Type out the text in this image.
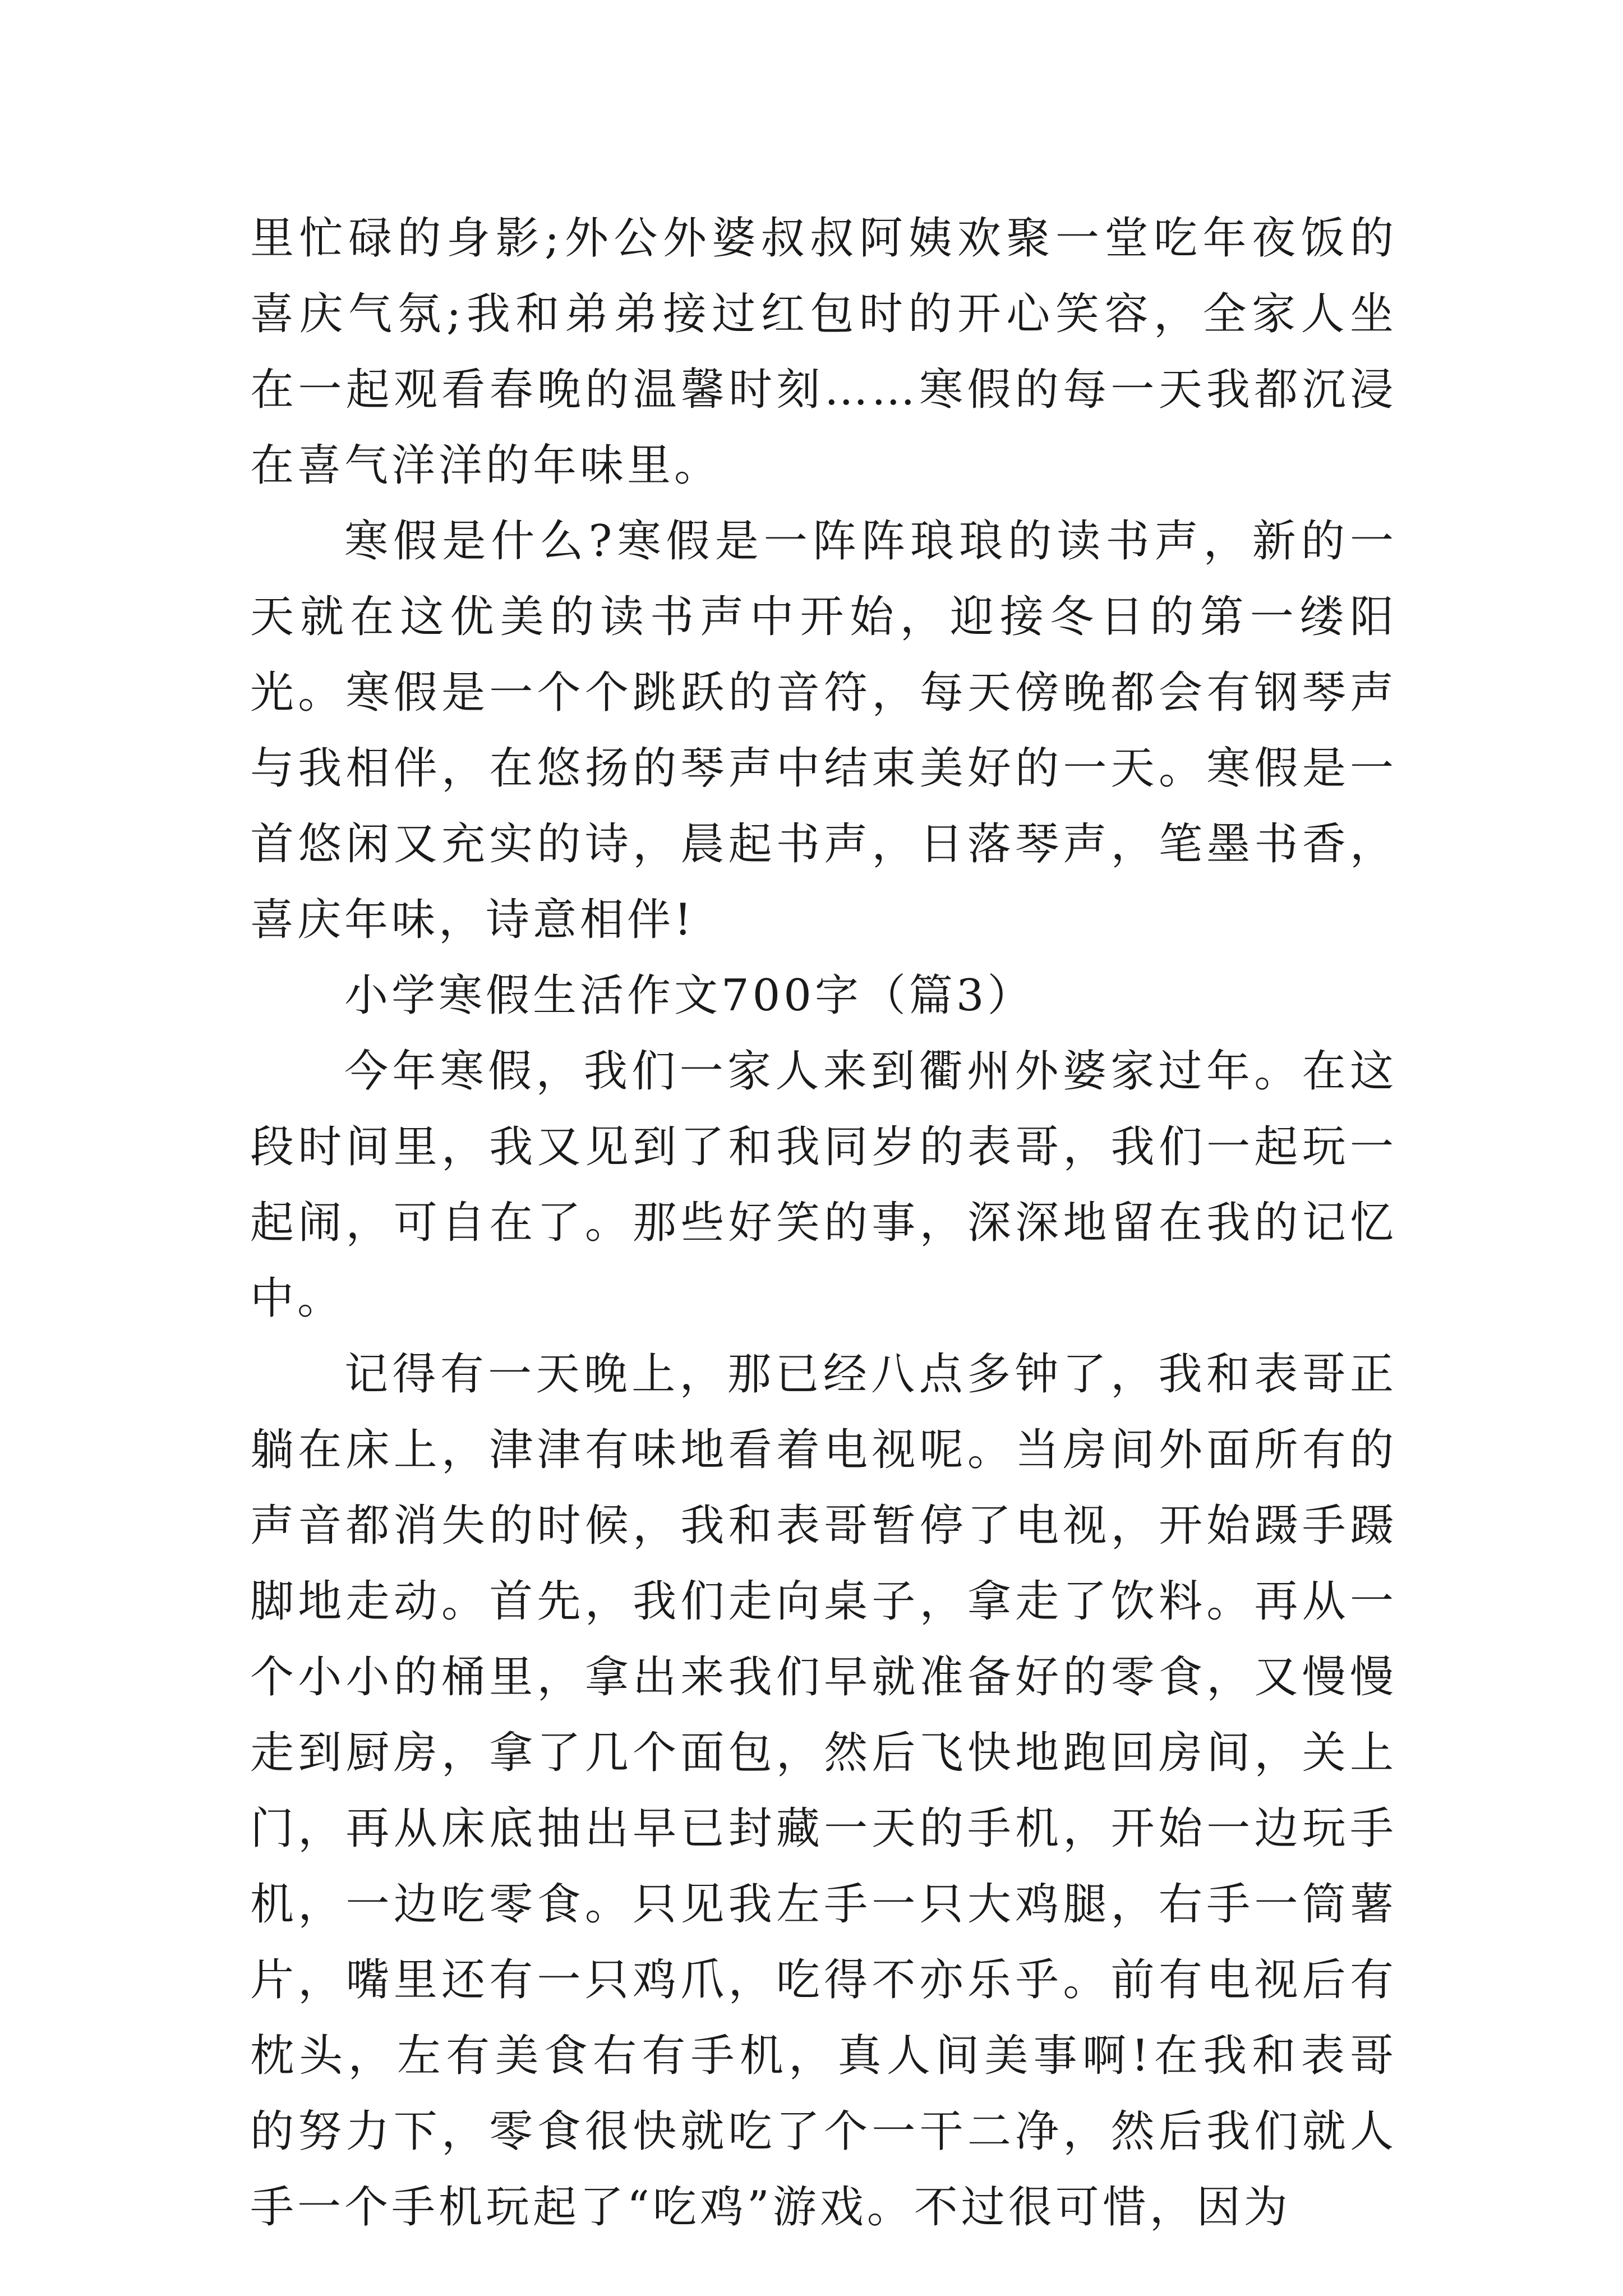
里忙碌的身影;外公外婆叔叔阿姨欢聚一堂吃年夜饭的喜庆气氛;我和弟弟接过红包时的开心笑容，全家人坐在一起观看春晚的温馨时刻……寒假的每一天我都沉浸在喜气洋洋的年味里。

寒假是什么?寒假是一阵阵琅琅的读书声，新的一天就在这优美的读书声中开始，迎接冬日的第一缕阳光。寒假是一个个跳跃的音符，每天傍晚都会有钢琴声与我相伴，在悠扬的琴声中结束美好的一天。寒假是一首悠闲又充实的诗，晨起书声，日落琴声，笔墨书香，喜庆年味，诗意相伴!

小学寒假生活作文700字（篇3）

今年寒假，我们一家人来到衢州外婆家过年。在这段时间里，我又见到了和我同岁的表哥，我们一起玩一起闹，可自在了。那些好笑的事，深深地留在我的记忆中。

记得有一天晚上，那已经八点多钟了，我和表哥正躺在床上，津津有味地看着电视呢。当房间外面所有的声音都消失的时候，我和表哥暂停了电视，开始蹑手蹑脚地走动。首先，我们走向桌子，拿走了饮料。再从一个小小的桶里，拿出来我们早就准备好的零食，又慢慢走到厨房，拿了几个面包，然后飞快地跑回房间，关上门，再从床底抽出早已封藏一天的手机，开始一边玩手机，一边吃零食。只见我左手一只大鸡腿，右手一筒薯片，嘴里还有一只鸡爪，吃得不亦乐乎。前有电视后有枕头，左有美食右有手机，真人间美事啊!在我和表哥的努力下，零食很快就吃了个一干二净，然后我们就人手一个手机玩起了“吃鸡”游戏。不过很可惜，因为
